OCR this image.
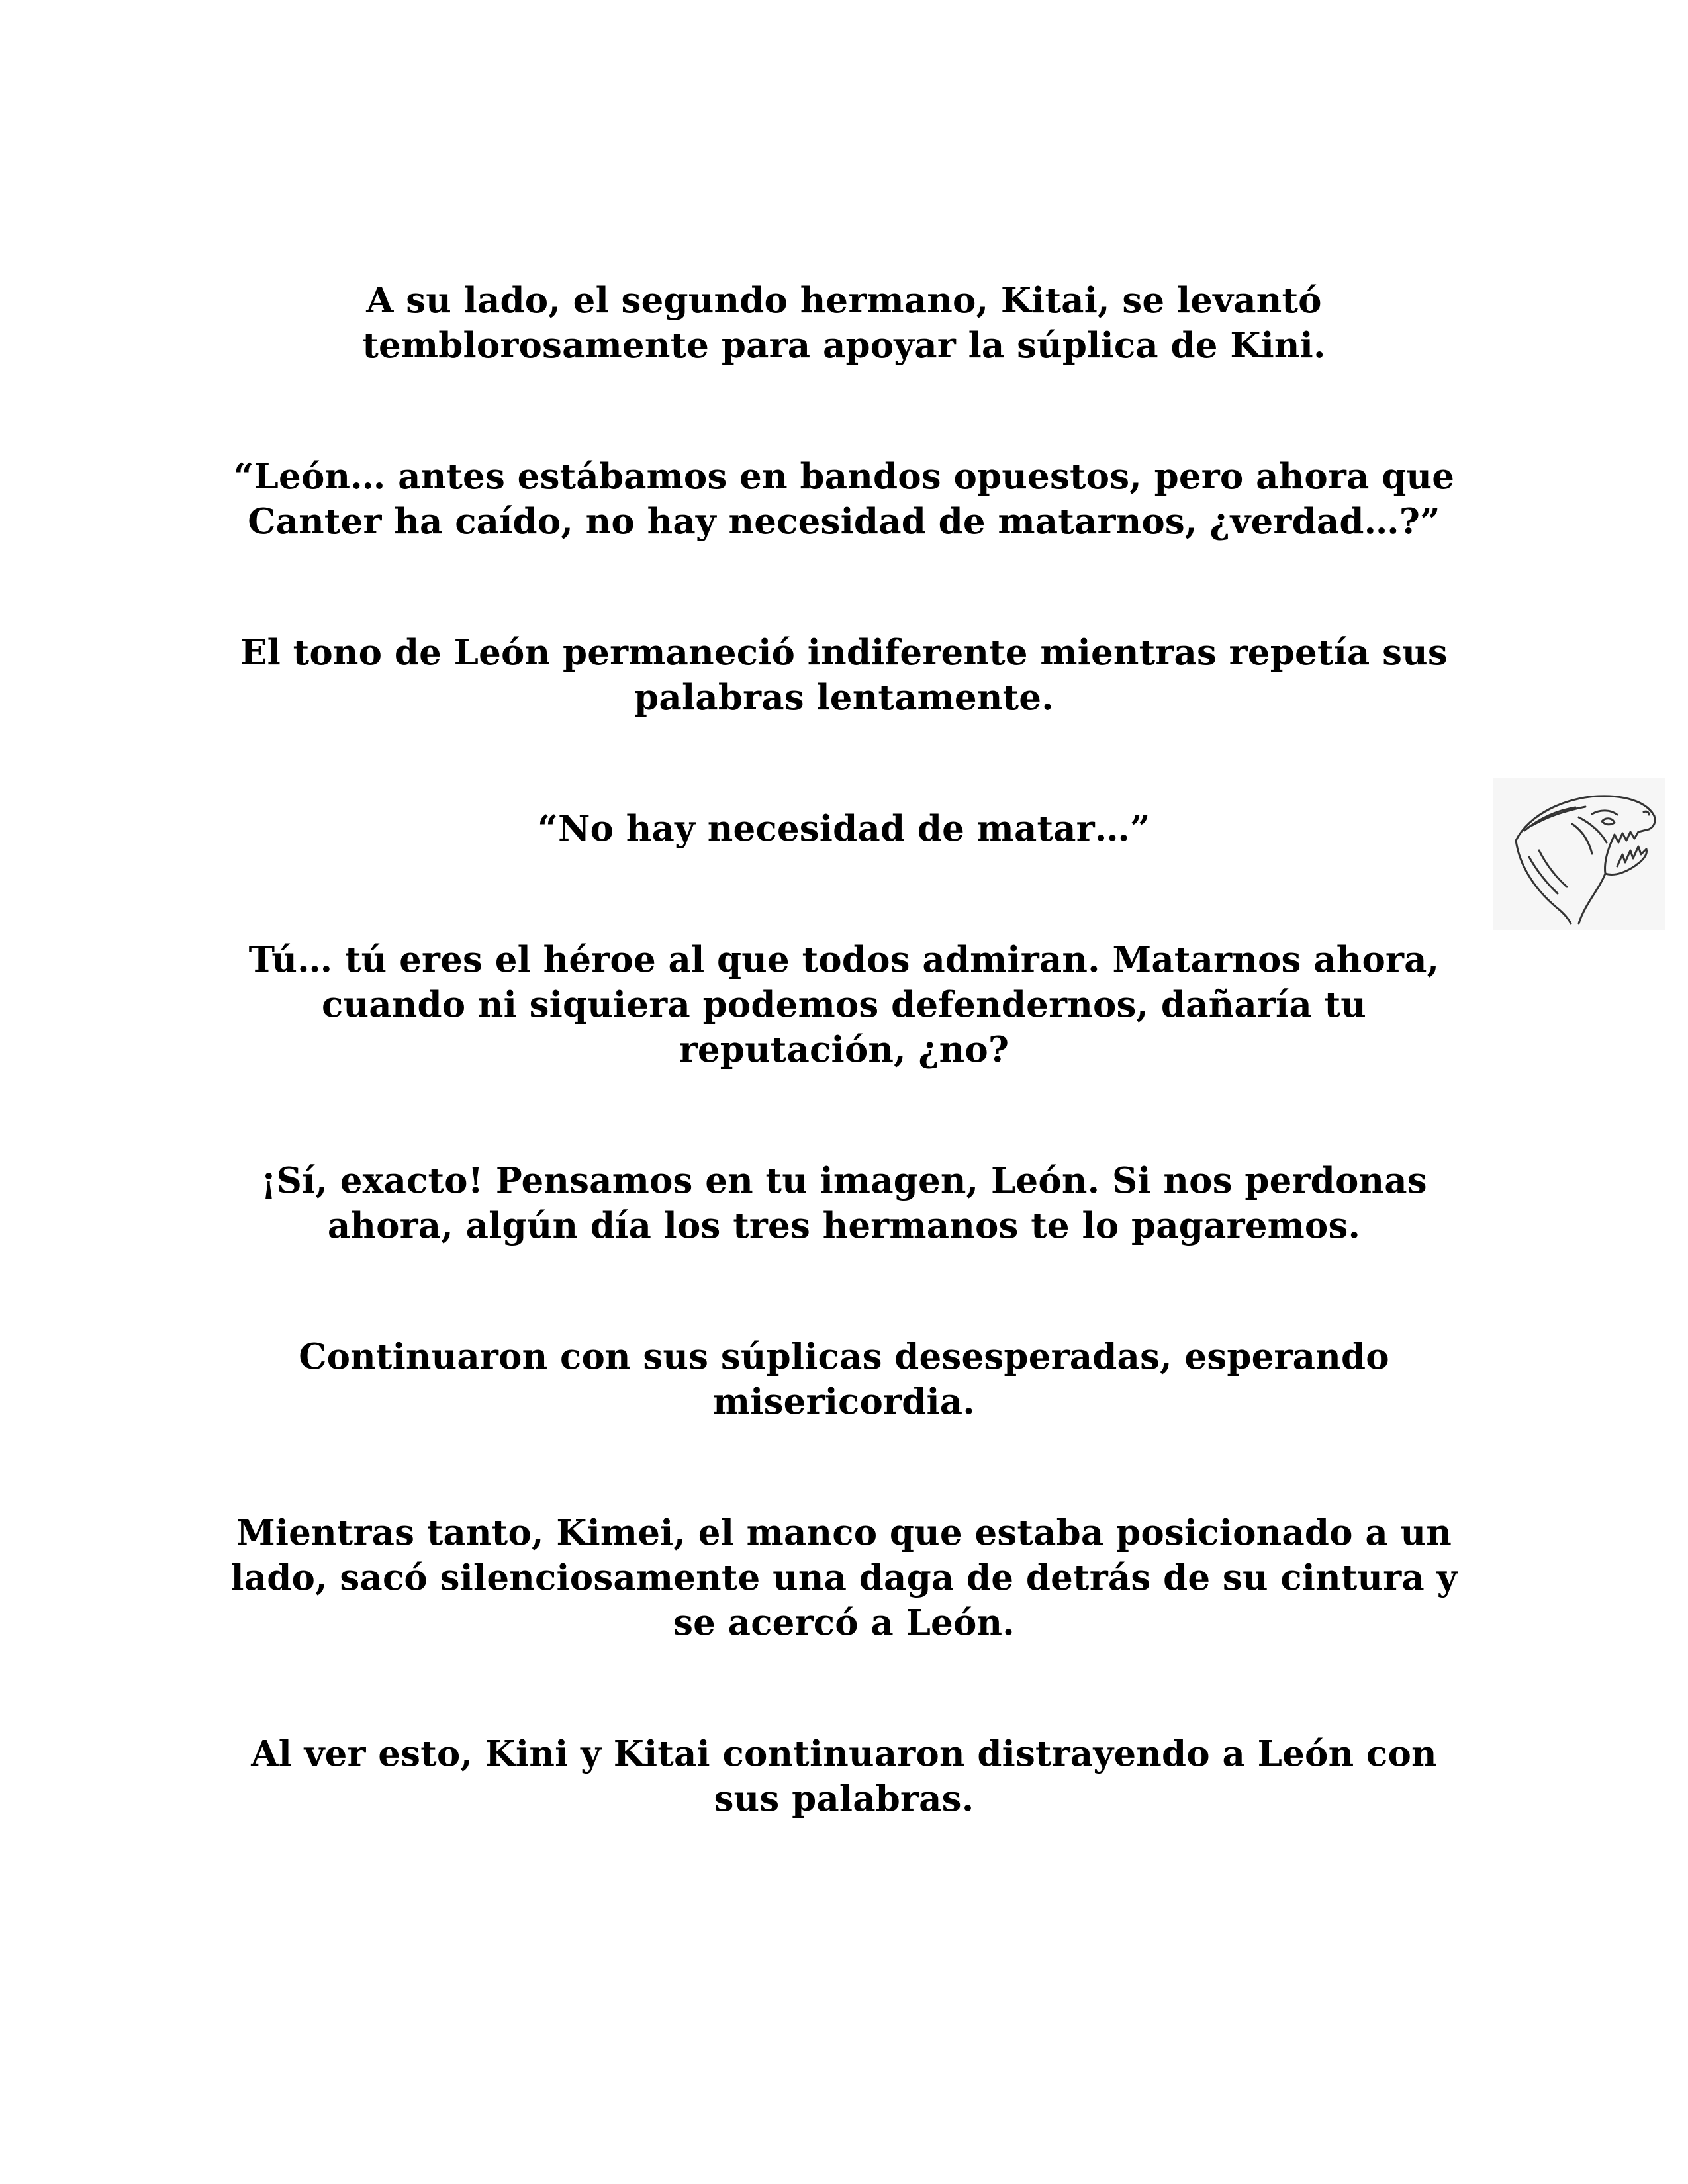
A su lado, el segundo hermano, Kitai, se levantó
temblorosamente para apoyar la súplica de Kini.

“León… antes estábamos en bandos opuestos, pero ahora que
Canter ha caído, no hay necesidad de matarnos, ¿verdad…?”

El tono de León permaneció indiferente mientras repetía sus
palabras lentamente.

“No hay necesidad de matar…”

Tú… tú eres el héroe al que todos admiran. Matarnos ahora,
cuando ni siquiera podemos defendernos, dañaría tu
reputación, ¿no?

¡Sí, exacto! Pensamos en tu imagen, León. Si nos perdonas
ahora, algún día los tres hermanos te lo pagaremos.

Continuaron con sus súplicas desesperadas, esperando
misericordia.

Mientras tanto, Kimei, el manco que estaba posicionado a un
lado, sacó silenciosamente una daga de detrás de su cintura y
se acercó a León.

Al ver esto, Kini y Kitai continuaron distrayendo a León con
sus palabras.
